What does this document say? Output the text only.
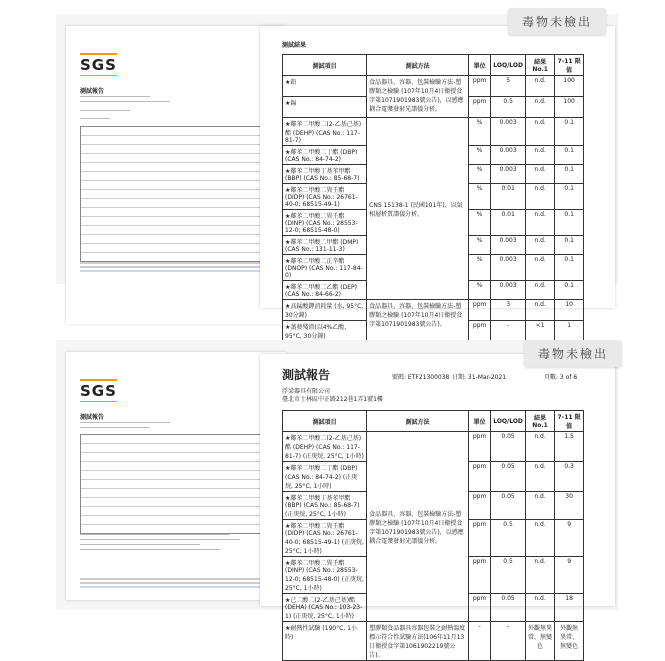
SGS
測試報告
測試結果
測試項目	測試方法	單位	LOQ/LOD	結果 No.1	7-11 限值
★鉛	食品器具、容器、包裝檢驗方法-塑膠類之檢驗 (107年10月4日衛授食字第1071901983號公告)，以感應耦合電漿發射光譜儀分析。	ppm	5	n.d.	100
★鎘		ppm	0.5	n.d.	100
★鄰苯二甲酸二(2-乙基己基)酯 (DEHP) (CAS No.: 117-81-7)	CNS 15138-1 (民國101年)，以氣相層析質譜儀分析。	%	0.003	n.d.	0.1
★鄰苯二甲酸二丁酯 (DBP) (CAS No.: 84-74-2)		%	0.003	n.d.	0.1
★鄰苯二甲酸丁基苯甲酯 (BBP) (CAS No.: 85-68-7)		%	0.003	n.d.	0.1
★鄰苯二甲酸二異壬酯 (DIDP) (CAS No.: 26761-40-0; 68515-49-1)		%	0.01	n.d.	0.1
★鄰苯二甲酸二異壬酯 (DINP) (CAS No.: 28553-12-0; 68515-48-0)		%	0.01	n.d.	0.1
★鄰苯二甲酸二甲酯 (DMP) (CAS No.: 131-11-3)		%	0.003	n.d.	0.1
★鄰苯二甲酸二正辛酯 (DNOP) (CAS No.: 117-84-0)		%	0.003	n.d.	0.1
★鄰苯二甲酸二乙酯 (DEP) (CAS No.: 84-66-2)		%	0.003	n.d.	0.1
★高錳酸鉀消耗量 (水, 95°C, 30分鐘)	食品器具、容器、包裝檢驗方法-塑膠類之檢驗 (107年10月4日衛授食字第1071901983號公告)。	ppm	3	n.d.	10
★蒸發殘渣(以4%乙酸, 95°C, 30分鐘)		ppm	-	<1	1
毒物未檢出
SGS
測試報告
測試報告	號碼: ETF21300038 日期: 31-Mar-2021	頁數: 3 of 6
浮梁器具有限公司
臺北市士林區中正路212巷1弄1號1樓
測試項目	測試方法	單位	LOQ/LOD	結果 No.1	7-11 限值
★鄰苯二甲酸二(2-乙基己基)酯 (DEHP) (CAS No.: 117-81-7) (正庚烷, 25°C, 1小時)	食品器具、容器、包裝檢驗方法-塑膠類之檢驗 (107年10月4日衛授食字第1071901983號公告)，以感應耦合電漿發射光譜儀分析。	ppm	0.05	n.d.	1.5
★鄰苯二甲酸二丁酯 (DBP) (CAS No.: 84-74-2) (正庚烷, 25°C, 1小時)		ppm	0.05	n.d.	0.3
★鄰苯二甲酸丁基苯甲酯 (BBP) (CAS No.: 85-68-7) (正庚烷, 25°C, 1小時)		ppm	0.05	n.d.	30
★鄰苯二甲酸二異壬酯 (DIDP) (CAS No.: 26761-40-0; 68515-49-1) (正庚烷, 25°C, 1小時)		ppm	0.5	n.d.	9
★鄰苯二甲酸二異壬酯 (DINP) (CAS No.: 28553-12-0; 68515-48-0) (正庚烷, 25°C, 1小時)		ppm	0.5	n.d.	9
★己二酸二(2-乙基己基)酯 (DEHA) (CAS No.: 103-23-1) (正庚烷, 25°C, 1小時)		ppm	0.05	n.d.	18
★耐熱性試驗 (190°C, 1小時)	塑膠類食品器具容器包裝之耐熱溫度標示符合性試驗方法(106年11月13日衛授食字第1061902219號公告)。	-	-	外觀無異常、無變色	外觀無異常、無變色
毒物未檢出
